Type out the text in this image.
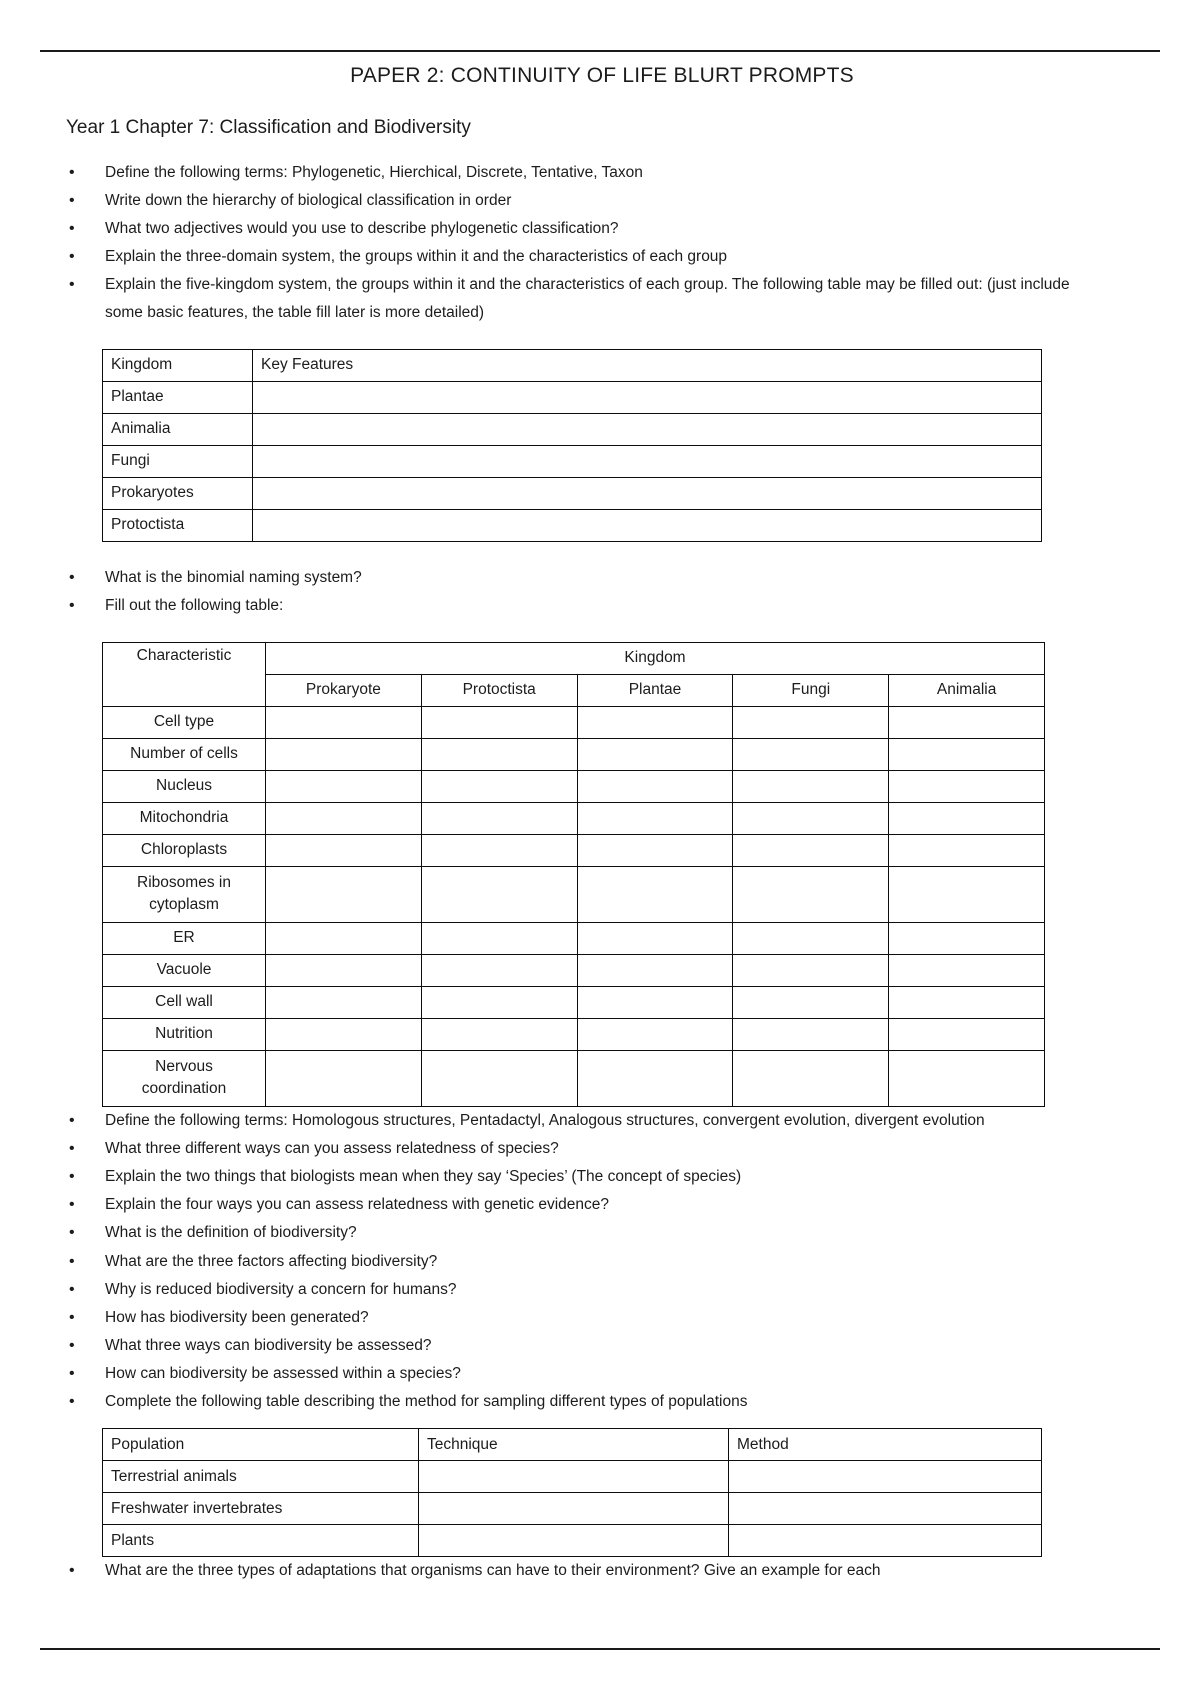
PAPER 2: CONTINUITY OF LIFE BLURT PROMPTS
Year 1 Chapter 7: Classification and Biodiversity
• Define the following terms: Phylogenetic, Hierchical, Discrete, Tentative, Taxon
• Write down the hierarchy of biological classification in order
• What two adjectives would you use to describe phylogenetic classification?
• Explain the three-domain system, the groups within it and the characteristics of each group
• Explain the five-kingdom system, the groups within it and the characteristics of each group. The following table may be filled out: (just include some basic features, the table fill later is more detailed)
Kingdom	Key Features
Plantae	
Animalia	
Fungi	
Prokaryotes	
Protoctista	
• What is the binomial naming system?
• Fill out the following table:
Characteristic	Kingdom				
	Prokaryote	Protoctista	Plantae	Fungi	Animalia
Cell type					
Number of cells					
Nucleus					
Mitochondria					
Chloroplasts					
Ribosomes in
cytoplasm					
ER					
Vacuole					
Cell wall					
Nutrition					
Nervous
coordination					
• Define the following terms: Homologous structures, Pentadactyl, Analogous structures, convergent evolution, divergent evolution
• What three different ways can you assess relatedness of species?
• Explain the two things that biologists mean when they say ‘Species’ (The concept of species)
• Explain the four ways you can assess relatedness with genetic evidence?
• What is the definition of biodiversity?
• What are the three factors affecting biodiversity?
• Why is reduced biodiversity a concern for humans?
• How has biodiversity been generated?
• What three ways can biodiversity be assessed?
• How can biodiversity be assessed within a species?
• Complete the following table describing the method for sampling different types of populations
Population	Technique	Method
Terrestrial animals		
Freshwater invertebrates		
Plants		
• What are the three types of adaptations that organisms can have to their environment? Give an example for each
